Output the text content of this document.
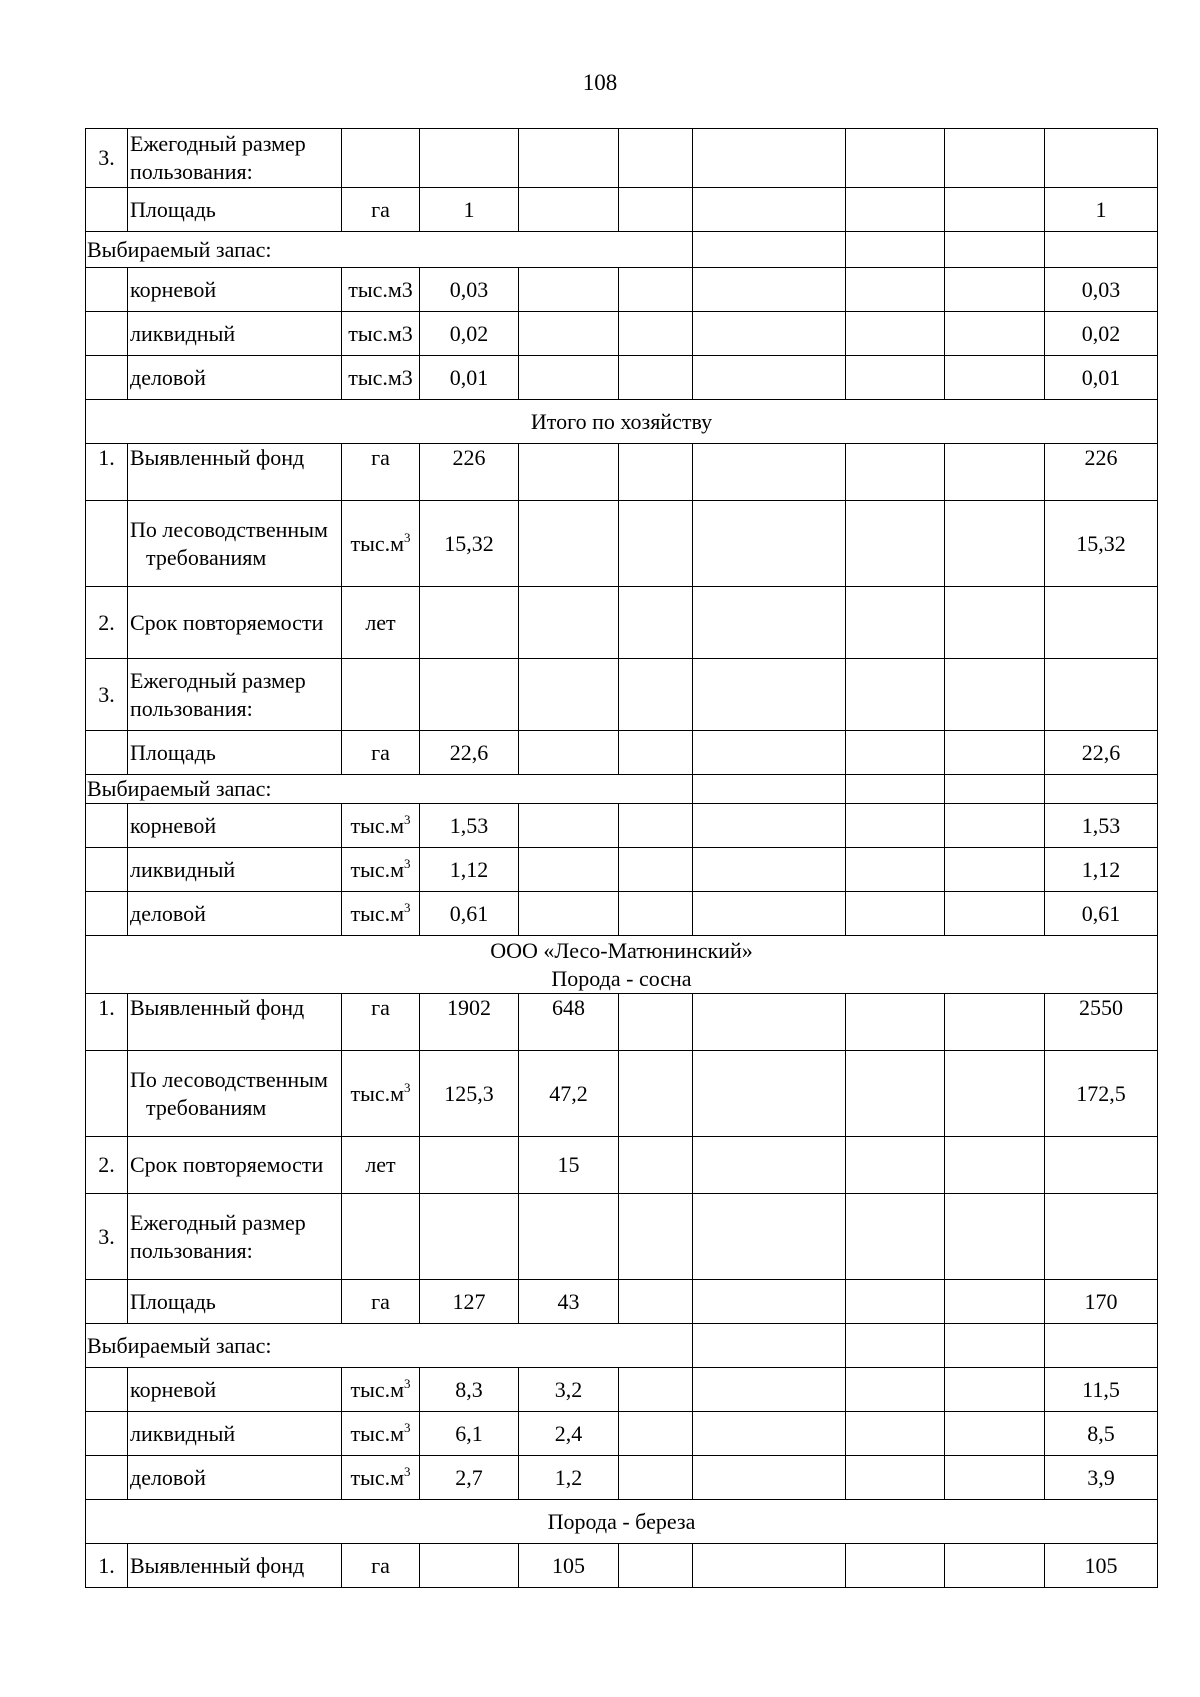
108
3.	Ежегодный размер пользования:								
	Площадь	га	1						1
Выбираемый запас:									
	корневой	тыс.м3	0,03						0,03
	ликвидный	тыс.м3	0,02						0,02
	деловой	тыс.м3	0,01						0,01

Итого по хозяйству									

1.	Выявленный фонд	га	226						226

	По лесоводственным требованиям	$тыс.м^3$	15,32						15,32
2.	Срок повторяемости	лет							
3.	Ежегодный размер пользования:								
	Площадь	га	22,6						22,6
Выбираемый запас:									
	корневой	$тыс.м^3$	1,53						1,53
	ликвидный	$тыс.м^3$	1,12						1,12
	деловой	$тыс.м^3$	0,61						0,61

ООО «Лесо-Матюнинский»
Порода - сосна									

1.	Выявленный фонд	га	1902	648					2550

	По лесоводственным требованиям	$тыс.м^3$	125,3	47,2					172,5
2.	Срок повторяемости	лет		15					
3.	Ежегодный размер пользования:								
	Площадь	га	127	43					170
Выбираемый запас:									
	корневой	$тыс.м^3$	8,3	3,2					11,5
	ликвидный	$тыс.м^3$	6,1	2,4					8,5
	деловой	$тыс.м^3$	2,7	1,2					3,9

Порода - береза									

1.	Выявленный фонд	га		105					105
